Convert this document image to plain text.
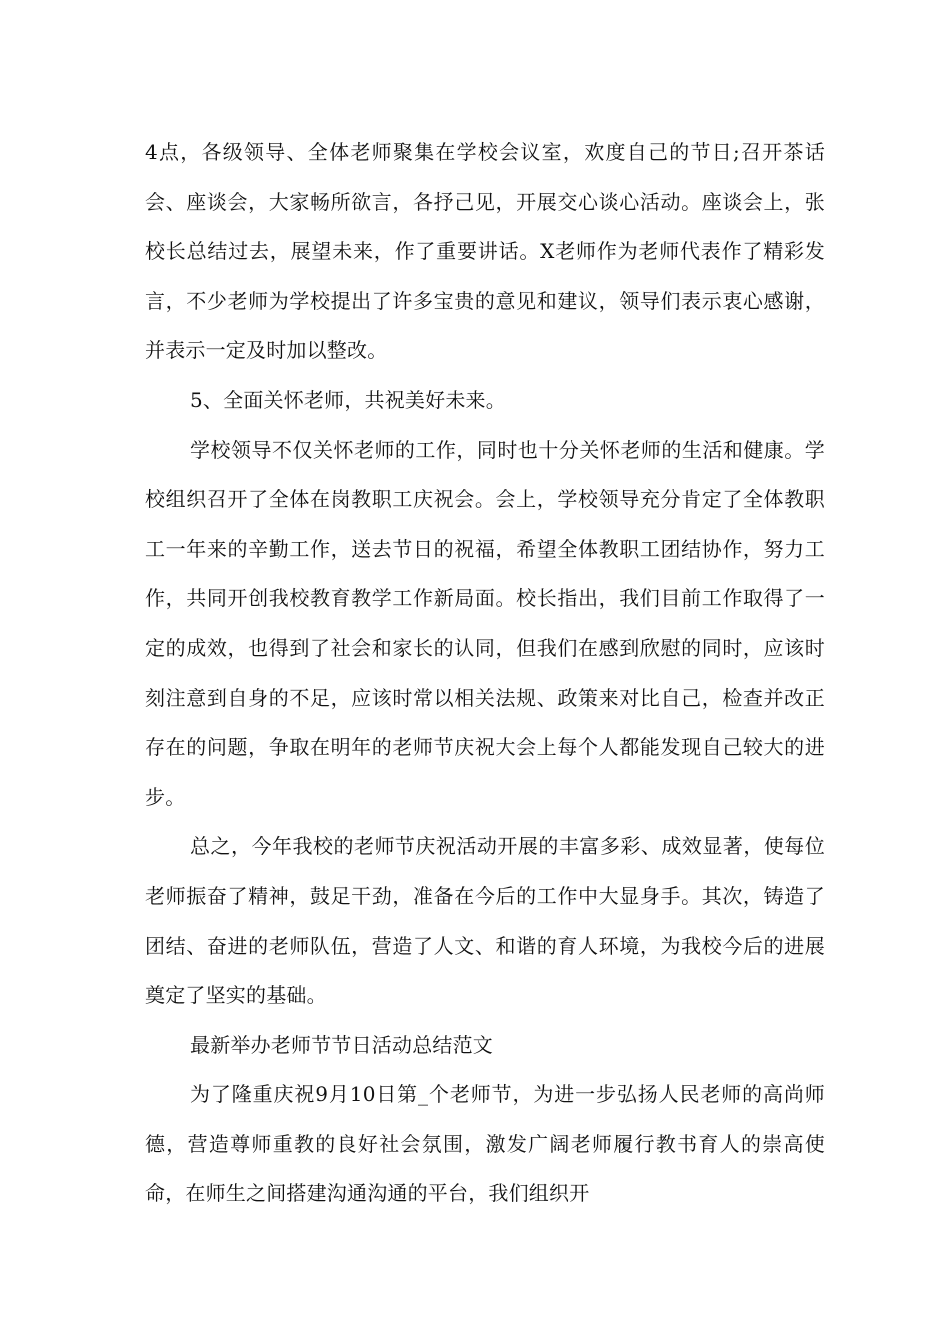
4点，各级领导、全体老师聚集在学校会议室，欢度自己的节日;召开茶话会、座谈会，大家畅所欲言，各抒己见，开展交心谈心活动。座谈会上，张校长总结过去，展望未来，作了重要讲话。X老师作为老师代表作了精彩发言，不少老师为学校提出了许多宝贵的意见和建议，领导们表示衷心感谢，并表示一定及时加以整改。

5、全面关怀老师，共祝美好未来。

学校领导不仅关怀老师的工作，同时也十分关怀老师的生活和健康。学校组织召开了全体在岗教职工庆祝会。会上，学校领导充分肯定了全体教职工一年来的辛勤工作，送去节日的祝福，希望全体教职工团结协作，努力工作，共同开创我校教育教学工作新局面。校长指出，我们目前工作取得了一定的成效，也得到了社会和家长的认同，但我们在感到欣慰的同时，应该时刻注意到自身的不足，应该时常以相关法规、政策来对比自己，检查并改正存在的问题，争取在明年的老师节庆祝大会上每个人都能发现自己较大的进步。

总之，今年我校的老师节庆祝活动开展的丰富多彩、成效显著，使每位老师振奋了精神，鼓足干劲，准备在今后的工作中大显身手。其次，铸造了团结、奋进的老师队伍，营造了人文、和谐的育人环境，为我校今后的进展奠定了坚实的基础。

最新举办老师节节日活动总结范文

为了隆重庆祝9月10日第_个老师节，为进一步弘扬人民老师的高尚师德，营造尊师重教的良好社会氛围，激发广阔老师履行教书育人的崇高使命，在师生之间搭建沟通沟通的平台，我们组织开
